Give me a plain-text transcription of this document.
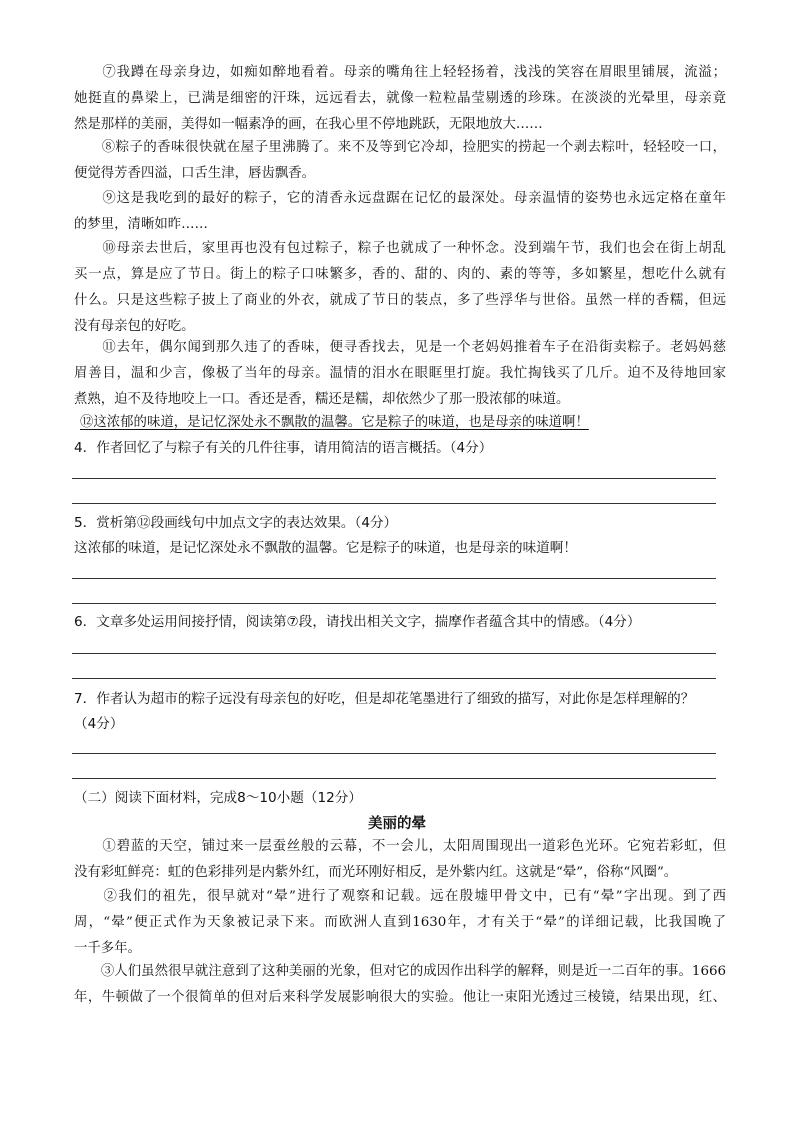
　　⑦我蹲在母亲身边，如痴如醉地看着。母亲的嘴角往上轻轻扬着，浅浅的笑容在眉眼里铺展，流溢；
她挺直的鼻梁上，已满是细密的汗珠，远远看去，就像一粒粒晶莹剔透的珍珠。在淡淡的光晕里，母亲竟
然是那样的美丽，美得如一幅素净的画，在我心里不停地跳跃，无限地放大……
　　⑧粽子的香味很快就在屋子里沸腾了。来不及等到它冷却，捡肥实的捞起一个剥去粽叶，轻轻咬一口，
便觉得芳香四溢，口舌生津，唇齿飘香。
　　⑨这是我吃到的最好的粽子，它的清香永远盘踞在记忆的最深处。母亲温情的姿势也永远定格在童年
的梦里，清晰如昨……
　　⑩母亲去世后，家里再也没有包过粽子，粽子也就成了一种怀念。没到端午节，我们也会在街上胡乱
买一点，算是应了节日。街上的粽子口味繁多，香的、甜的、肉的、素的等等，多如繁星，想吃什么就有
什么。只是这些粽子披上了商业的外衣，就成了节日的装点，多了些浮华与世俗。虽然一样的香糯，但远
没有母亲包的好吃。
　　⑪去年，偶尔闻到那久违了的香味，便寻香找去，见是一个老妈妈推着车子在沿街卖粽子。老妈妈慈
眉善目，温和少言，像极了当年的母亲。温情的泪水在眼眶里打旋。我忙掏钱买了几斤。迫不及待地回家
煮熟，迫不及待地咬上一口。香还是香，糯还是糯，却依然少了那一股浓郁的味道。
⑫这浓郁的味道，是记忆深处永不飘散的温馨。它是粽子的味道，也是母亲的味道啊！
4．作者回忆了与粽子有关的几件往事，请用简洁的语言概括。（4分）
5．赏析第⑫段画线句中加点文字的表达效果。（4分）
这浓郁的味道，是记忆深处永不飘散的温馨。它是粽子的味道，也是母亲的味道啊！
6．文章多处运用间接抒情，阅读第⑦段，请找出相关文字，揣摩作者蕴含其中的情感。（4分）
7．作者认为超市的粽子远没有母亲包的好吃，但是却花笔墨进行了细致的描写，对此你是怎样理解的？
（4分）
（二）阅读下面材料，完成8～10小题（12分）
美丽的晕
　　①碧蓝的天空，铺过来一层蚕丝般的云幕，不一会儿，太阳周围现出一道彩色光环。它宛若彩虹，但
没有彩虹鲜亮：虹的色彩排列是内紫外红，而光环刚好相反，是外紫内红。这就是“晕”，俗称“风圈”。
　　②我们的祖先，很早就对“晕”进行了观察和记载。远在殷墟甲骨文中，已有“晕”字出现。到了西
周，“晕”便正式作为天象被记录下来。而欧洲人直到1630年，才有关于“晕”的详细记载，比我国晚了
一千多年。
　　③人们虽然很早就注意到了这种美丽的光象，但对它的成因作出科学的解释，则是近一二百年的事。1666
年，牛顿做了一个很简单的但对后来科学发展影响很大的实验。他让一束阳光透过三棱镜，结果出现，红、
